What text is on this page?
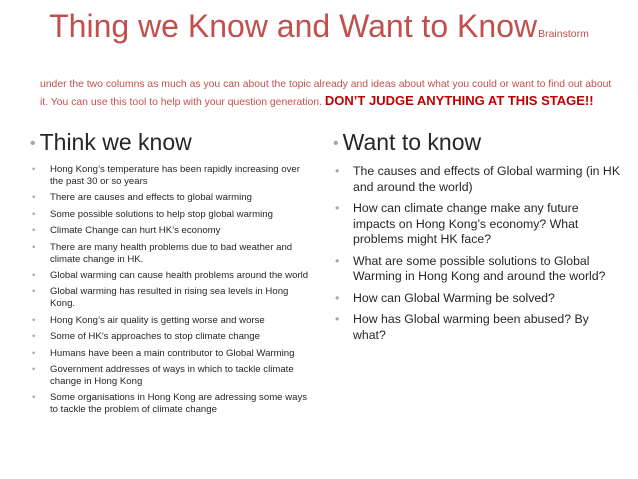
Thing we Know and Want to KnowBrainstorm
under the two columns as much as you can about the topic already and ideas about what you could or want to find out about
it. You can use this tool to help with your question generation. DON’T JUDGE ANYTHING AT THIS STAGE!!
• Think we know
• Hong Kong’s temperature has been rapidly increasing over the past 30 or so years
• There are causes and effects to global warming
• Some possible solutions to help stop global warming
• Climate Change can hurt HK’s economy
• There are many health problems due to bad weather and climate change in HK.
• Global warming can cause health problems around the world
• Global warming has resulted in rising sea levels in Hong Kong.
• Hong Kong’s air quality is getting worse and worse
• Some of HK’s approaches to stop climate change
• Humans have been a main contributor to Global Warming
• Government addresses of ways in which to tackle climate change in Hong Kong
• Some organisations in Hong Kong are adressing some ways to tackle the problem of climate change
• Want to know
• The causes and effects of Global warming (in HK and around the world)
• How can climate change make any future impacts on Hong Kong’s economy? What problems might HK face?
• What are some possible solutions to Global Warming in Hong Kong and around the world?
• How can Global Warming be solved?
• How has Global warming been abused? By what?
